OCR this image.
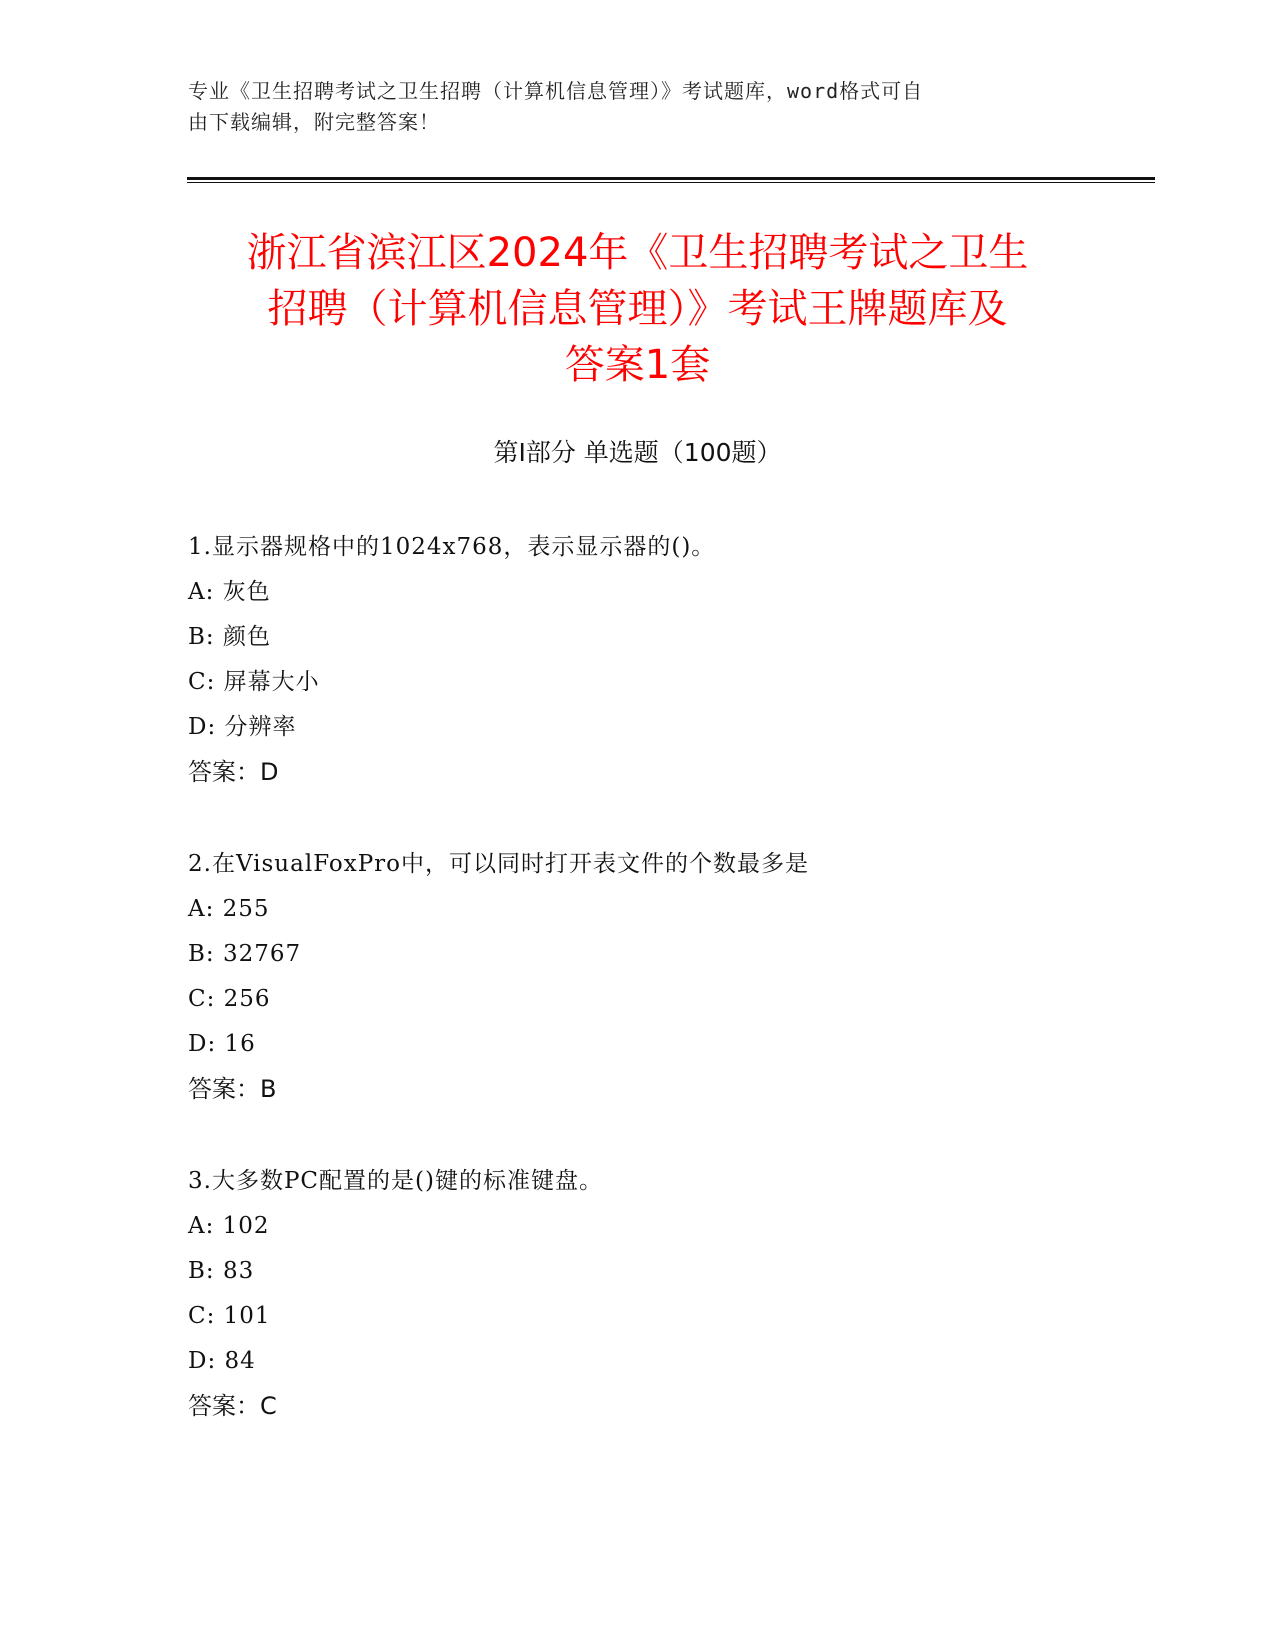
专业《卫生招聘考试之卫生招聘（计算机信息管理）》考试题库，word格式可自
由下载编辑，附完整答案！
浙江省滨江区2024年《卫生招聘考试之卫生
招聘（计算机信息管理）》考试王牌题库及
答案1套
第I部分 单选题（100题）
1.显示器规格中的1024x768，表示显示器的()。
A: 灰色
B: 颜色
C: 屏幕大小
D: 分辨率
答案：D
2.在VisualFoxPro中，可以同时打开表文件的个数最多是
A: 255
B: 32767
C: 256
D: 16
答案：B
3.大多数PC配置的是()键的标准键盘。
A: 102
B: 83
C: 101
D: 84
答案：C
